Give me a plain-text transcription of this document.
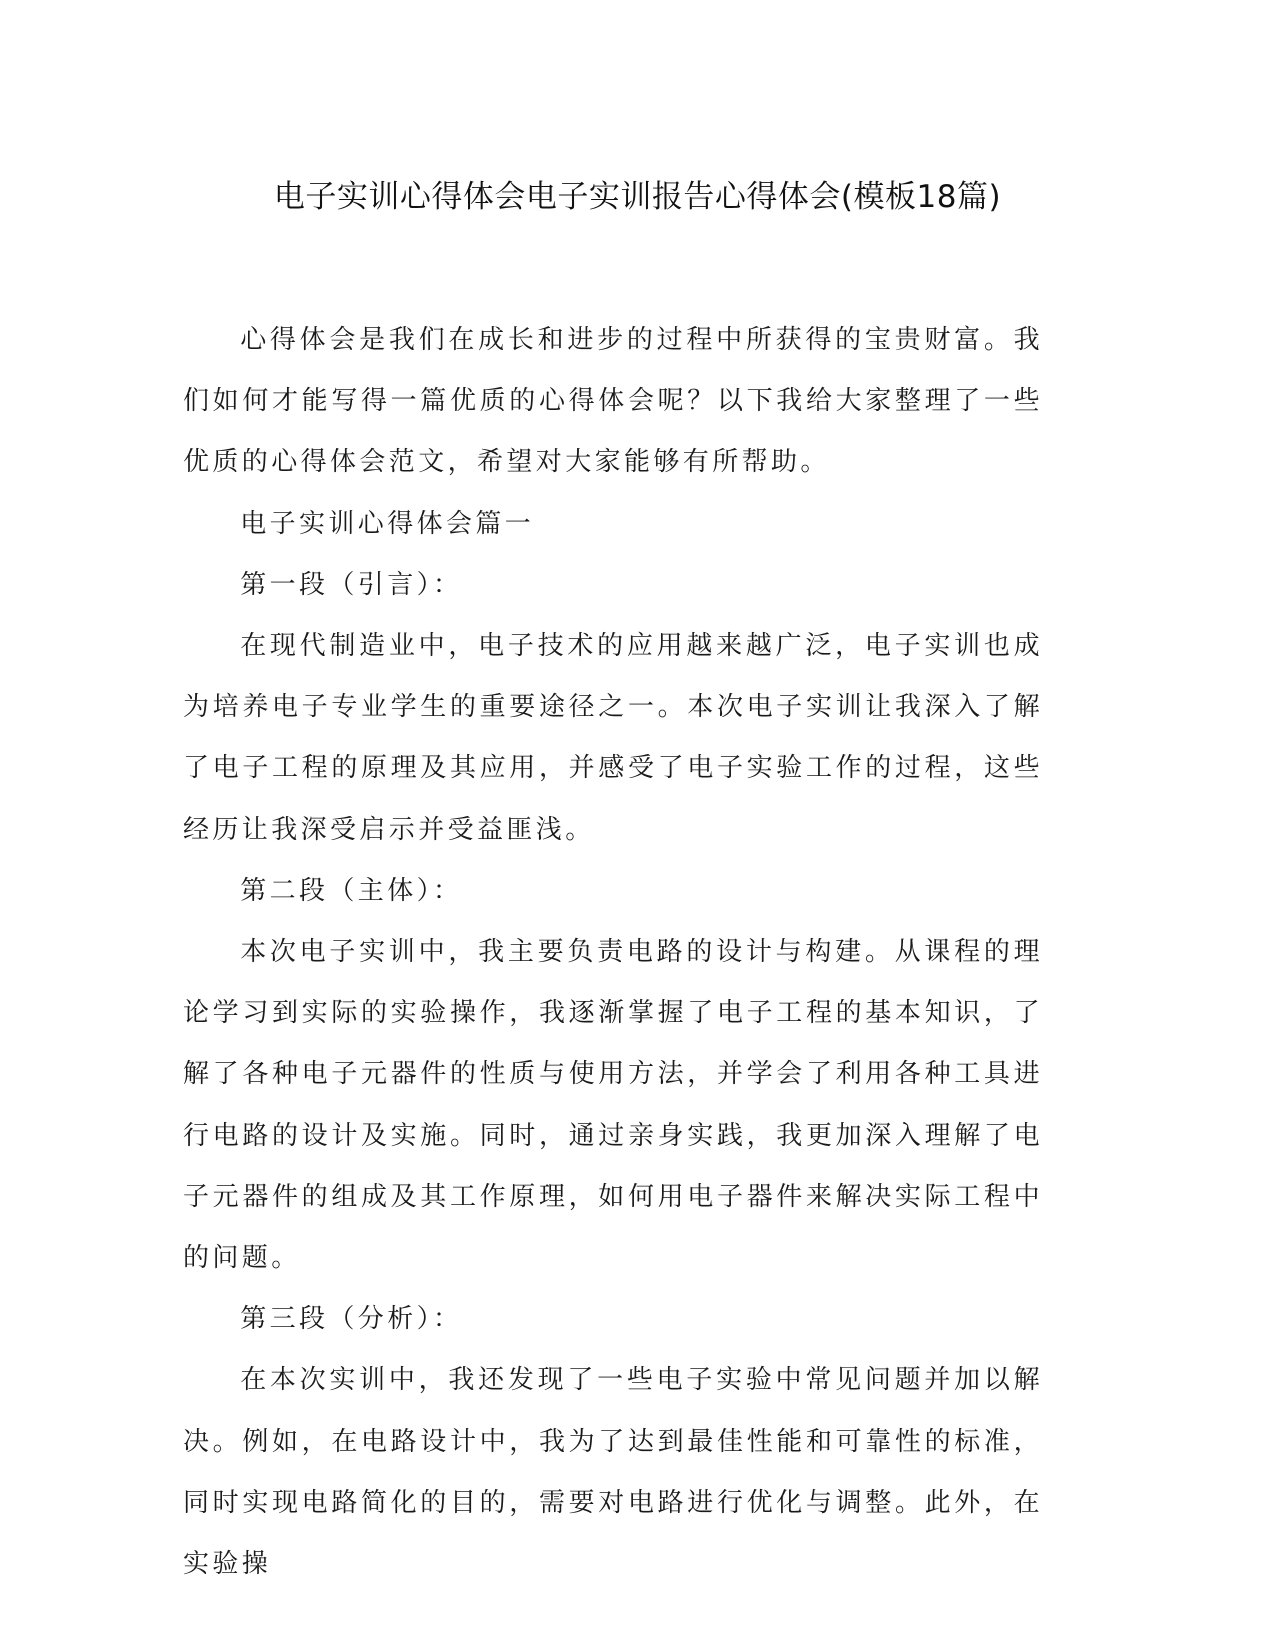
电子实训心得体会电子实训报告心得体会(模板18篇)

心得体会是我们在成长和进步的过程中所获得的宝贵财富。我们如何才能写得一篇优质的心得体会呢？以下我给大家整理了一些优质的心得体会范文，希望对大家能够有所帮助。

电子实训心得体会篇一

第一段（引言）：

在现代制造业中，电子技术的应用越来越广泛，电子实训也成为培养电子专业学生的重要途径之一。本次电子实训让我深入了解了电子工程的原理及其应用，并感受了电子实验工作的过程，这些经历让我深受启示并受益匪浅。

第二段（主体）：

本次电子实训中，我主要负责电路的设计与构建。从课程的理论学习到实际的实验操作，我逐渐掌握了电子工程的基本知识，了解了各种电子元器件的性质与使用方法，并学会了利用各种工具进行电路的设计及实施。同时，通过亲身实践，我更加深入理解了电子元器件的组成及其工作原理，如何用电子器件来解决实际工程中的问题。

第三段（分析）：

在本次实训中，我还发现了一些电子实验中常见问题并加以解决。例如，在电路设计中，我为了达到最佳性能和可靠性的标准，同时实现电路简化的目的，需要对电路进行优化与调整。此外，在实验操
